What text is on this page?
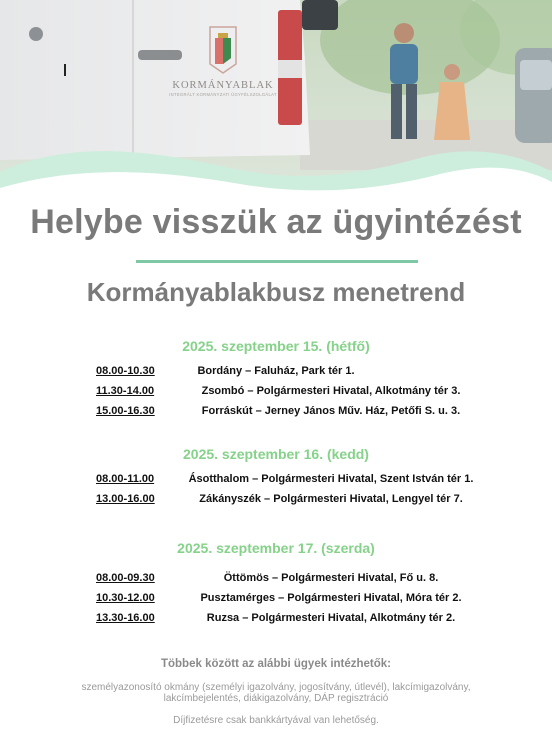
KORMÁNYABLAK
INTEGRÁLT KORMÁNYZATI ÜGYFÉLSZOLGÁLAT
Helybe visszük az ügyintézést
Kormányablakbusz menetrend
2025. szeptember 15. (hétfő)
08.00-10.30	Bordány – Faluház, Park tér 1.
11.30-14.00	Zsombó – Polgármesteri Hivatal, Alkotmány tér 3.
15.00-16.30	Forráskút – Jerney János Műv. Ház, Petőfi S. u. 3.
2025. szeptember 16. (kedd)
08.00-11.00	Ásotthalom – Polgármesteri Hivatal, Szent István tér 1.
13.00-16.00	Zákányszék – Polgármesteri Hivatal, Lengyel tér 7.
2025. szeptember 17. (szerda)
08.00-09.30	Öttömös – Polgármesteri Hivatal, Fő u. 8.
10.30-12.00	Pusztamérges – Polgármesteri Hivatal, Móra tér 2.
13.30-16.00	Ruzsa – Polgármesteri Hivatal, Alkotmány tér 2.
Többek között az alábbi ügyek intézhetők:
személyazonosító okmány (személyi igazolvány, jogosítvány, útlevél), lakcímigazolvány, lakcímbejelentés, diákigazolvány, DÁP regisztráció
Díjfizetésre csak bankkártyával van lehetőség.
